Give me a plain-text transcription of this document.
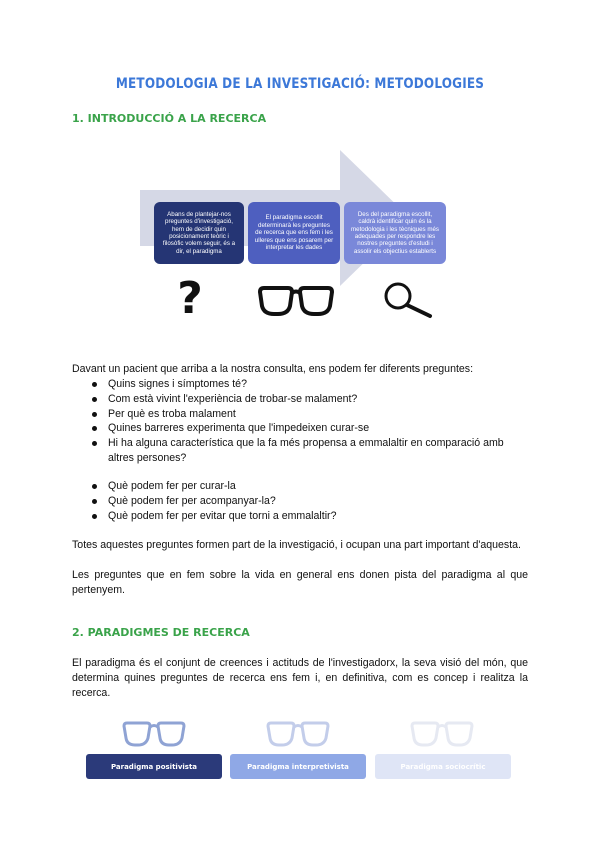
METODOLOGIA DE LA INVESTIGACIÓ: METODOLOGIES
1. INTRODUCCIÓ A LA RECERCA
Abans de plantejar-nos preguntes d'investigació, hem de decidir quin posicionament teòric i filosòfic volem seguir, és a dir, el paradigma
El paradigma escollit determinarà les preguntes de recerca que ens fem i les ulleres que ens posarem per interpretar les dades
Des del paradigma escollit, caldrà identificar quin és la metodologia i les tècniques més adequades per respondre les nostres preguntes d'estudi i assolir els objectius establerts
?

Davant un pacient que arriba a la nostra consulta, ens podem fer diferents preguntes:

Quins signes i símptomes té?
Com està vivint l'experiència de trobar-se malament?
Per què es troba malament
Quines barreres experimenta que l'impedeixen curar-se
Hi ha alguna característica que la fa més propensa a emmalaltir en comparació amb altres persones?
Què podem fer per curar-la
Què podem fer per acompanyar-la?
Què podem fer per evitar que torni a emmalaltir?

Totes aquestes preguntes formen part de la investigació, i ocupan una part important d'aquesta.

Les preguntes que en fem sobre la vida en general ens donen pista del paradigma al que pertenyem.

2. PARADIGMES DE RECERCA

El paradigma és el conjunt de creences i actituds de l'investigadorx, la seva visió del món, que determina quines preguntes de recerca ens fem i, en definitiva, com es concep i realitza la recerca.

Paradigma positivista	Paradigma interpretivista	Paradigma sociocrític
